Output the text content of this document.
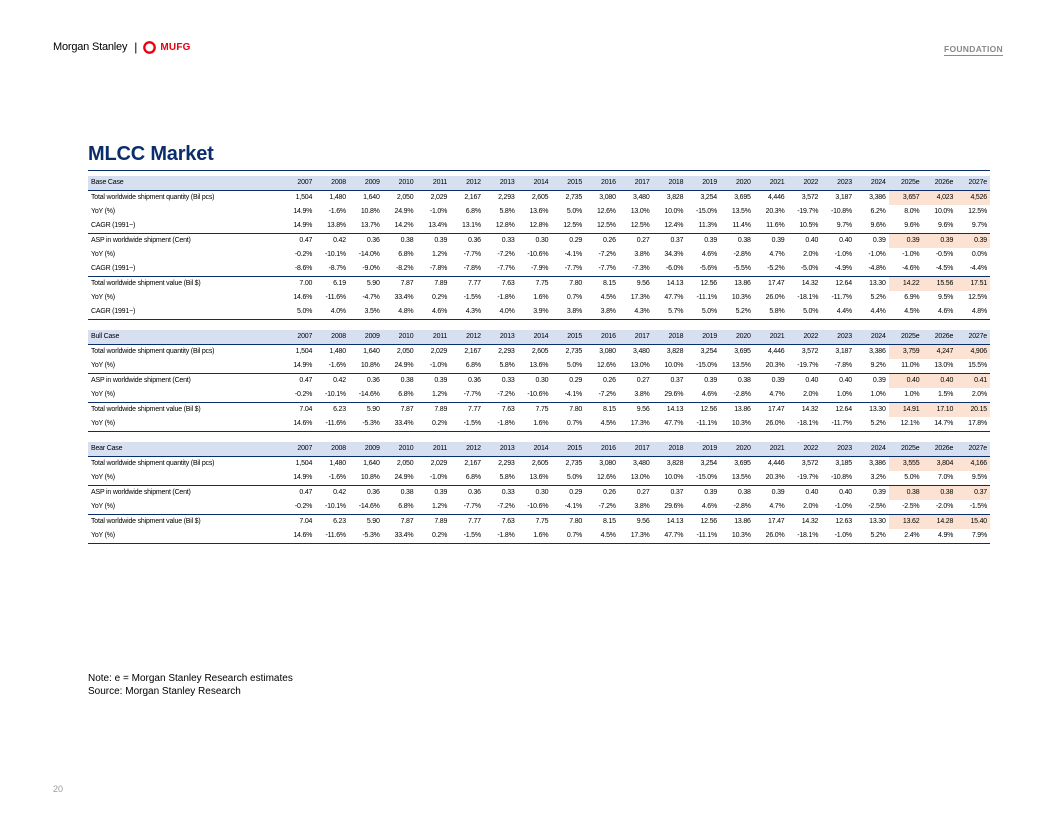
Morgan Stanley | MUFG	FOUNDATION
MLCC Market
Base Case	2007	2008	2009	2010	2011	2012	2013	2014	2015	2016	2017	2018	2019	2020	2021	2022	2023	2024	2025e	2026e	2027e
Total worldwide shipment quantity (Bil pcs)	1,504	1,480	1,640	2,050	2,029	2,167	2,293	2,605	2,735	3,080	3,480	3,828	3,254	3,695	4,446	3,572	3,187	3,386	3,657	4,023	4,526
YoY (%)	14.9%	-1.6%	10.8%	24.9%	-1.0%	6.8%	5.8%	13.6%	5.0%	12.6%	13.0%	10.0%	-15.0%	13.5%	20.3%	-19.7%	-10.8%	6.2%	8.0%	10.0%	12.5%
CAGR (1991~)	14.9%	13.8%	13.7%	14.2%	13.4%	13.1%	12.8%	12.8%	12.5%	12.5%	12.5%	12.4%	11.3%	11.4%	11.6%	10.5%	9.7%	9.6%	9.6%	9.6%	9.7%
ASP in worldwide shipment (Cent)	0.47	0.42	0.36	0.38	0.39	0.36	0.33	0.30	0.29	0.26	0.27	0.37	0.39	0.38	0.39	0.40	0.40	0.39	0.39	0.39	0.39
YoY (%)	-0.2%	-10.1%	-14.0%	6.8%	1.2%	-7.7%	-7.2%	-10.6%	-4.1%	-7.2%	3.8%	34.3%	4.6%	-2.8%	4.7%	2.0%	-1.0%	-1.0%	-1.0%	-0.5%	0.0%
CAGR (1991~)	-8.6%	-8.7%	-9.0%	-8.2%	-7.8%	-7.8%	-7.7%	-7.9%	-7.7%	-7.7%	-7.3%	-6.0%	-5.6%	-5.5%	-5.2%	-5.0%	-4.9%	-4.8%	-4.6%	-4.5%	-4.4%
Total worldwide shipment value (Bil $)	7.00	6.19	5.90	7.87	7.89	7.77	7.63	7.75	7.80	8.15	9.56	14.13	12.56	13.86	17.47	14.32	12.64	13.30	14.22	15.56	17.51
YoY (%)	14.6%	-11.6%	-4.7%	33.4%	0.2%	-1.5%	-1.8%	1.6%	0.7%	4.5%	17.3%	47.7%	-11.1%	10.3%	26.0%	-18.1%	-11.7%	5.2%	6.9%	9.5%	12.5%
CAGR (1991~)	5.0%	4.0%	3.5%	4.8%	4.6%	4.3%	4.0%	3.9%	3.8%	3.8%	4.3%	5.7%	5.0%	5.2%	5.8%	5.0%	4.4%	4.4%	4.5%	4.6%	4.8%
Bull Case	2007	2008	2009	2010	2011	2012	2013	2014	2015	2016	2017	2018	2019	2020	2021	2022	2023	2024	2025e	2026e	2027e
Total worldwide shipment quantity (Bil pcs)	1,504	1,480	1,640	2,050	2,029	2,167	2,293	2,605	2,735	3,080	3,480	3,828	3,254	3,695	4,446	3,572	3,187	3,386	3,759	4,247	4,906
YoY (%)	14.9%	-1.6%	10.8%	24.9%	-1.0%	6.8%	5.8%	13.6%	5.0%	12.6%	13.0%	10.0%	-15.0%	13.5%	20.3%	-19.7%	-7.8%	9.2%	11.0%	13.0%	15.5%
ASP in worldwide shipment (Cent)	0.47	0.42	0.36	0.38	0.39	0.36	0.33	0.30	0.29	0.26	0.27	0.37	0.39	0.38	0.39	0.40	0.40	0.39	0.40	0.40	0.41
YoY (%)	-0.2%	-10.1%	-14.6%	6.8%	1.2%	-7.7%	-7.2%	-10.6%	-4.1%	-7.2%	3.8%	29.6%	4.6%	-2.8%	4.7%	2.0%	1.0%	1.0%	1.0%	1.5%	2.0%
Total worldwide shipment value (Bil $)	7.04	6.23	5.90	7.87	7.89	7.77	7.63	7.75	7.80	8.15	9.56	14.13	12.56	13.86	17.47	14.32	12.64	13.30	14.91	17.10	20.15
YoY (%)	14.6%	-11.6%	-5.3%	33.4%	0.2%	-1.5%	-1.8%	1.6%	0.7%	4.5%	17.3%	47.7%	-11.1%	10.3%	26.0%	-18.1%	-11.7%	5.2%	12.1%	14.7%	17.8%
Bear Case	2007	2008	2009	2010	2011	2012	2013	2014	2015	2016	2017	2018	2019	2020	2021	2022	2023	2024	2025e	2026e	2027e
Total worldwide shipment quantity (Bil pcs)	1,504	1,480	1,640	2,050	2,029	2,167	2,293	2,605	2,735	3,080	3,480	3,828	3,254	3,695	4,446	3,572	3,185	3,386	3,555	3,804	4,166
YoY (%)	14.9%	-1.6%	10.8%	24.9%	-1.0%	6.8%	5.8%	13.6%	5.0%	12.6%	13.0%	10.0%	-15.0%	13.5%	20.3%	-19.7%	-10.8%	3.2%	5.0%	7.0%	9.5%
ASP in worldwide shipment (Cent)	0.47	0.42	0.36	0.38	0.39	0.36	0.33	0.30	0.29	0.26	0.27	0.37	0.39	0.38	0.39	0.40	0.40	0.39	0.38	0.38	0.37
YoY (%)	-0.2%	-10.1%	-14.6%	6.8%	1.2%	-7.7%	-7.2%	-10.6%	-4.1%	-7.2%	3.8%	29.6%	4.6%	-2.8%	4.7%	2.0%	-1.0%	-2.5%	-2.5%	-2.0%	-1.5%
Total worldwide shipment value (Bil $)	7.04	6.23	5.90	7.87	7.89	7.77	7.63	7.75	7.80	8.15	9.56	14.13	12.56	13.86	17.47	14.32	12.63	13.30	13.62	14.28	15.40
YoY (%)	14.6%	-11.6%	-5.3%	33.4%	0.2%	-1.5%	-1.8%	1.6%	0.7%	4.5%	17.3%	47.7%	-11.1%	10.3%	26.0%	-18.1%	-1.0%	5.2%	2.4%	4.9%	7.9%
Note: e = Morgan Stanley Research estimates
Source: Morgan Stanley Research
20
